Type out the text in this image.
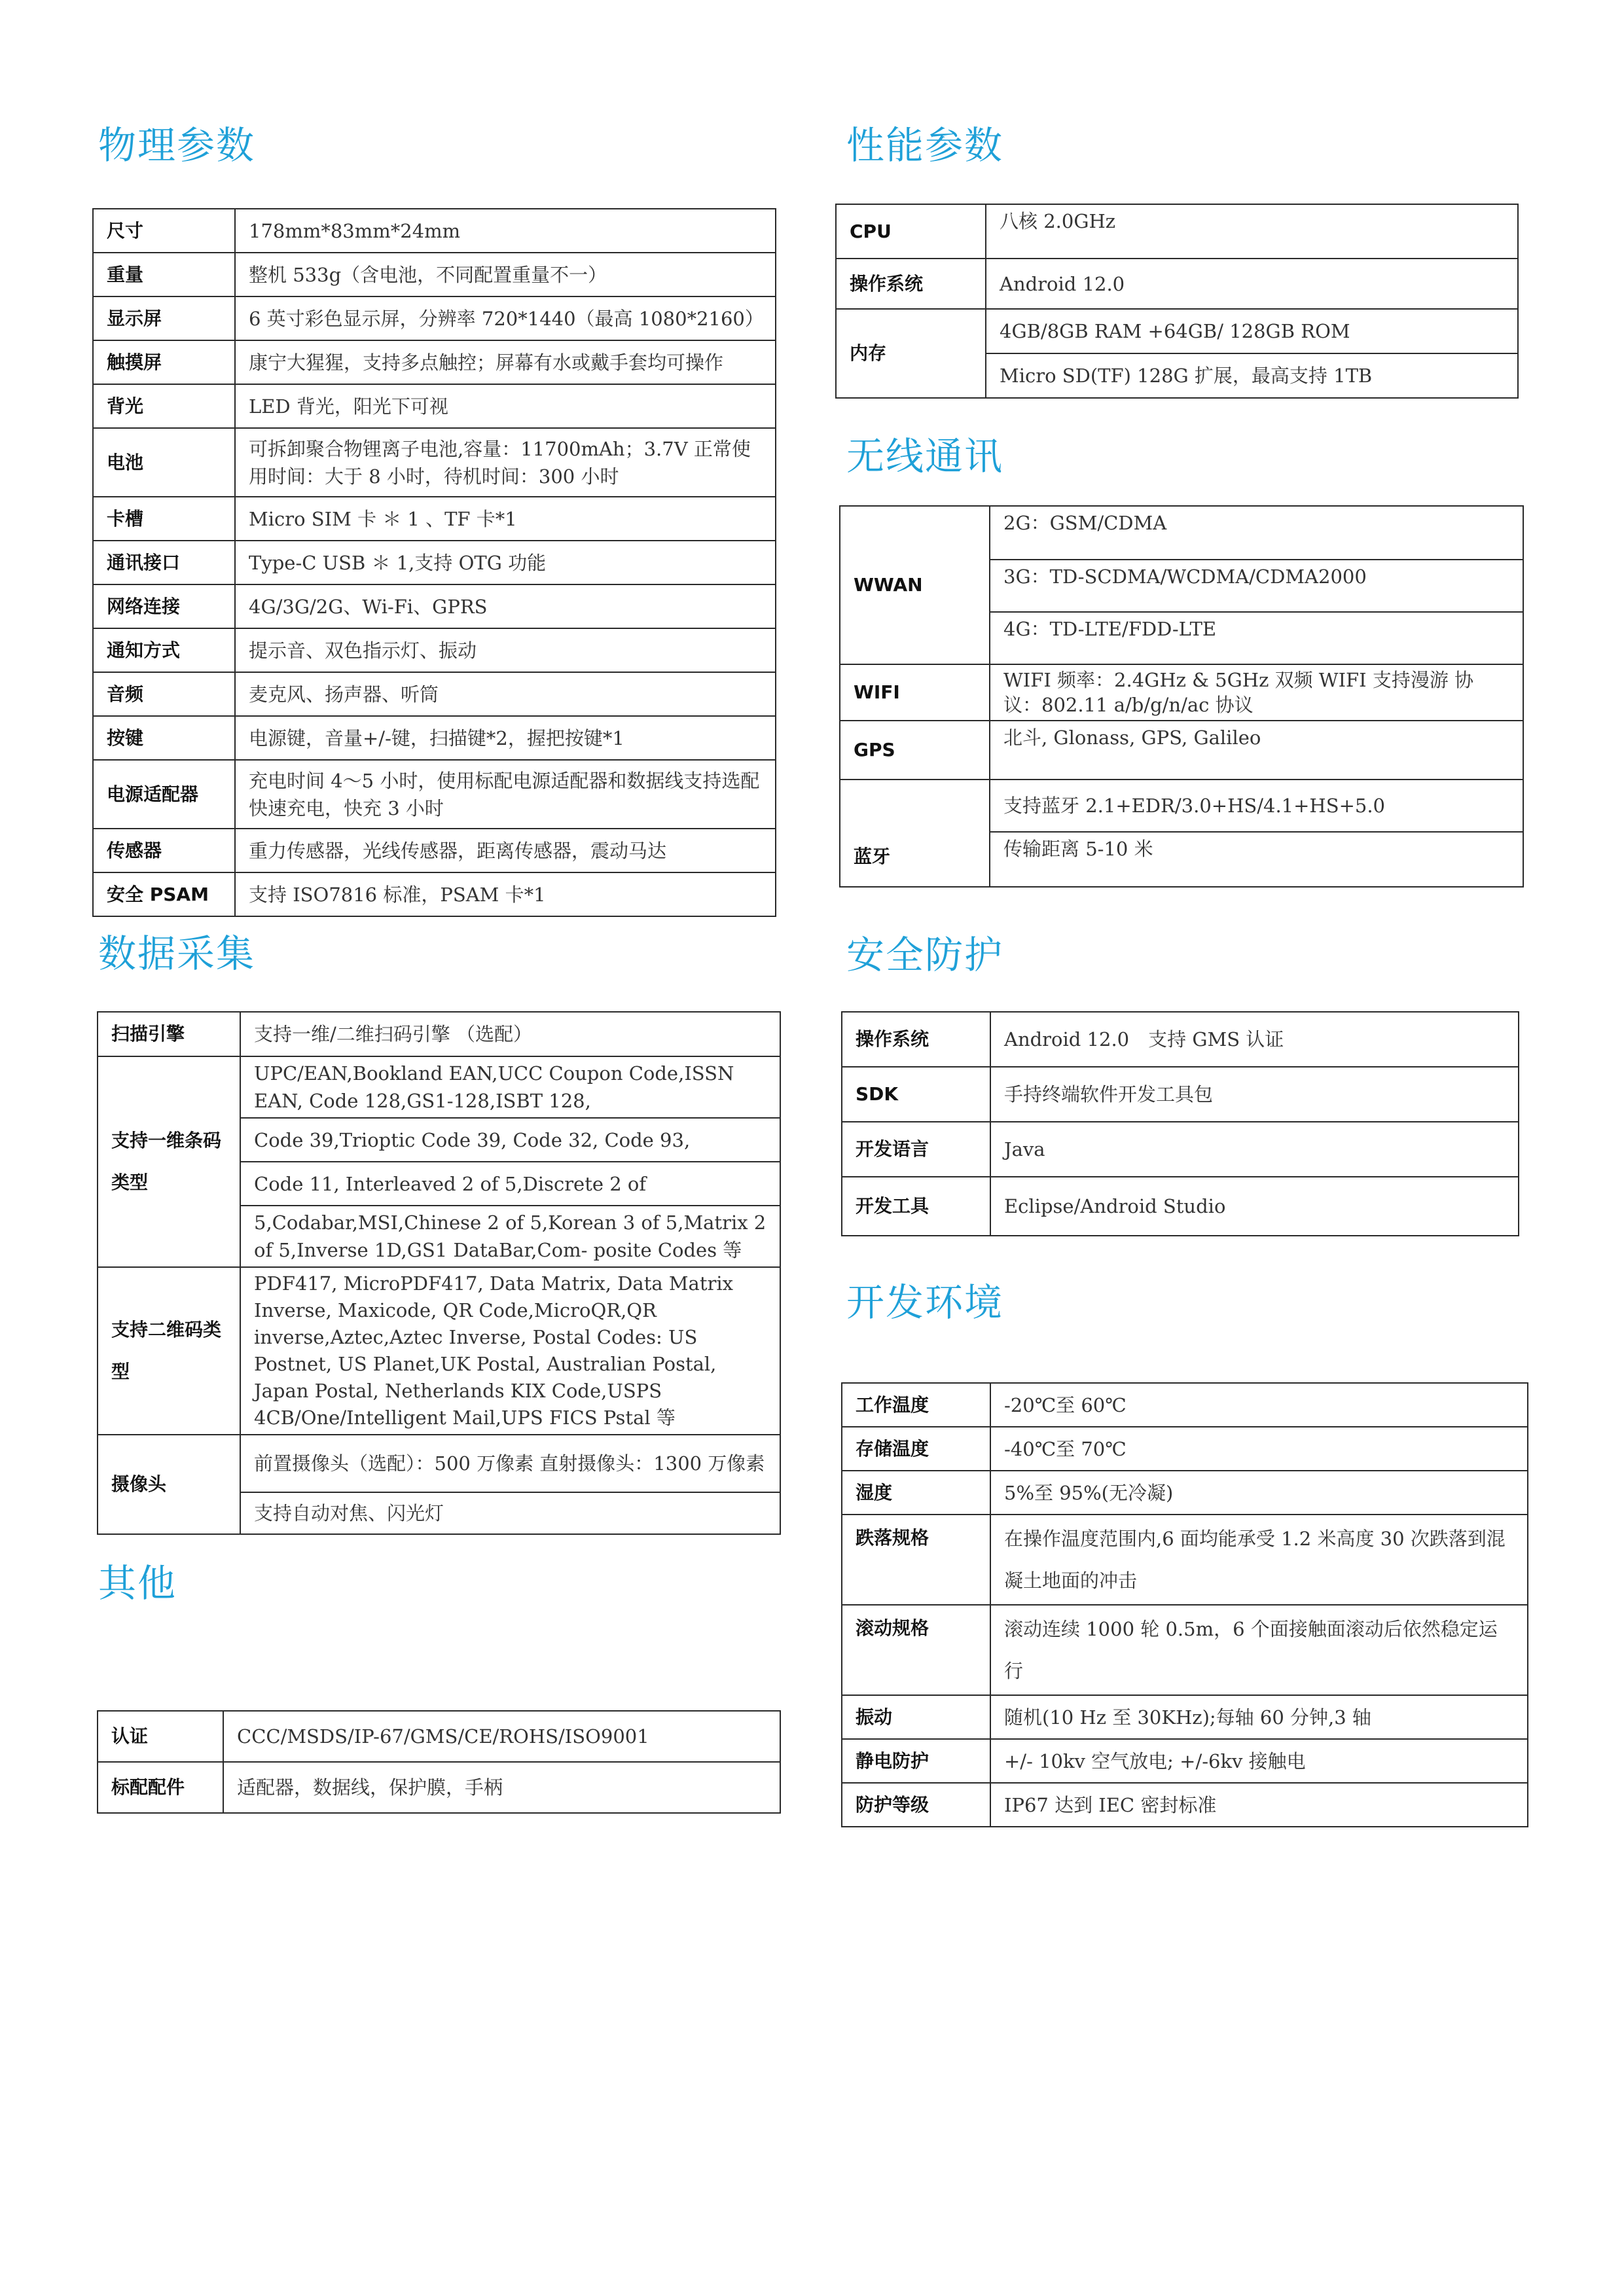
物理参数
尺寸	178mm*83mm*24mm
重量	整机 533g（含电池，不同配置重量不一）
显示屏	6 英寸彩色显示屏，分辨率 720*1440（最高 1080*2160）
触摸屏	康宁大猩猩，支持多点触控；屏幕有水或戴手套均可操作
背光	LED 背光，阳光下可视
电池	可拆卸聚合物锂离子电池,容量：11700mAh；3.7V 正常使用时间：大于 8 小时，待机时间：300 小时
卡槽	Micro SIM 卡 ＊ 1 、TF 卡*1
通讯接口	Type-C USB ＊ 1,支持 OTG 功能
网络连接	4G/3G/2G、Wi-Fi、GPRS
通知方式	提示音、双色指示灯、振动
音频	麦克风、扬声器、听筒
按键	电源键，音量+/-键，扫描键*2，握把按键*1
电源适配器	充电时间 4～5 小时，使用标配电源适配器和数据线支持选配快速充电，快充 3 小时
传感器	重力传感器，光线传感器，距离传感器，震动马达
安全 PSAM	支持 ISO7816 标准，PSAM 卡*1
数据采集
扫描引擎	支持一维/二维扫码引擎 （选配）
支持一维条码类型	UPC/EAN,Bookland EAN,UCC Coupon Code,ISSN EAN, Code 128,GS1-128,ISBT 128,
	Code 39,Trioptic Code 39, Code 32, Code 93,
	Code 11, Interleaved 2 of 5,Discrete 2 of
	5,Codabar,MSI,Chinese 2 of 5,Korean 3 of 5,Matrix 2 of 5,Inverse 1D,GS1 DataBar,Com- posite Codes 等
支持二维码类型	PDF417, MicroPDF417, Data Matrix, Data Matrix Inverse, Maxicode, QR Code,MicroQR,QR inverse,Aztec,Aztec Inverse, Postal Codes: US Postnet, US Planet,UK Postal, Australian Postal, Japan Postal, Netherlands KIX Code,USPS 4CB/One/Intelligent Mail,UPS FICS Pstal 等
摄像头	前置摄像头（选配）：500 万像素 直射摄像头：1300 万像素
	支持自动对焦、闪光灯
其他
认证	CCC/MSDS/IP-67/GMS/CE/ROHS/ISO9001
标配配件	适配器，数据线，保护膜，手柄
性能参数
CPU	八核 2.0GHz
操作系统	Android 12.0
内存	4GB/8GB RAM +64GB/ 128GB ROM
	Micro SD(TF) 128G 扩展，最高支持 1TB
无线通讯
WWAN	2G：GSM/CDMA
	3G：TD-SCDMA/WCDMA/CDMA2000
	4G：TD-LTE/FDD-LTE
WIFI	WIFI 频率：2.4GHz & 5GHz 双频 WIFI 支持漫游 协议：802.11 a/b/g/n/ac 协议
GPS	北斗, Glonass, GPS, Galileo
蓝牙	支持蓝牙 2.1+EDR/3.0+HS/4.1+HS+5.0
	传输距离 5-10 米
安全防护
操作系统	Android 12.0　支持 GMS 认证
SDK	手持终端软件开发工具包
开发语言	Java
开发工具	Eclipse/Android Studio
开发环境
工作温度	-20℃至 60℃
存储温度	-40℃至 70℃
湿度	5%至 95%(无冷凝)
跌落规格	在操作温度范围内,6 面均能承受 1.2 米高度 30 次跌落到混凝土地面的冲击
滚动规格	滚动连续 1000 轮 0.5m，6 个面接触面滚动后依然稳定运行
振动	随机(10 Hz 至 30KHz);每轴 60 分钟,3 轴
静电防护	+/- 10kv 空气放电; +/-6kv 接触电
防护等级	IP67 达到 IEC 密封标准
